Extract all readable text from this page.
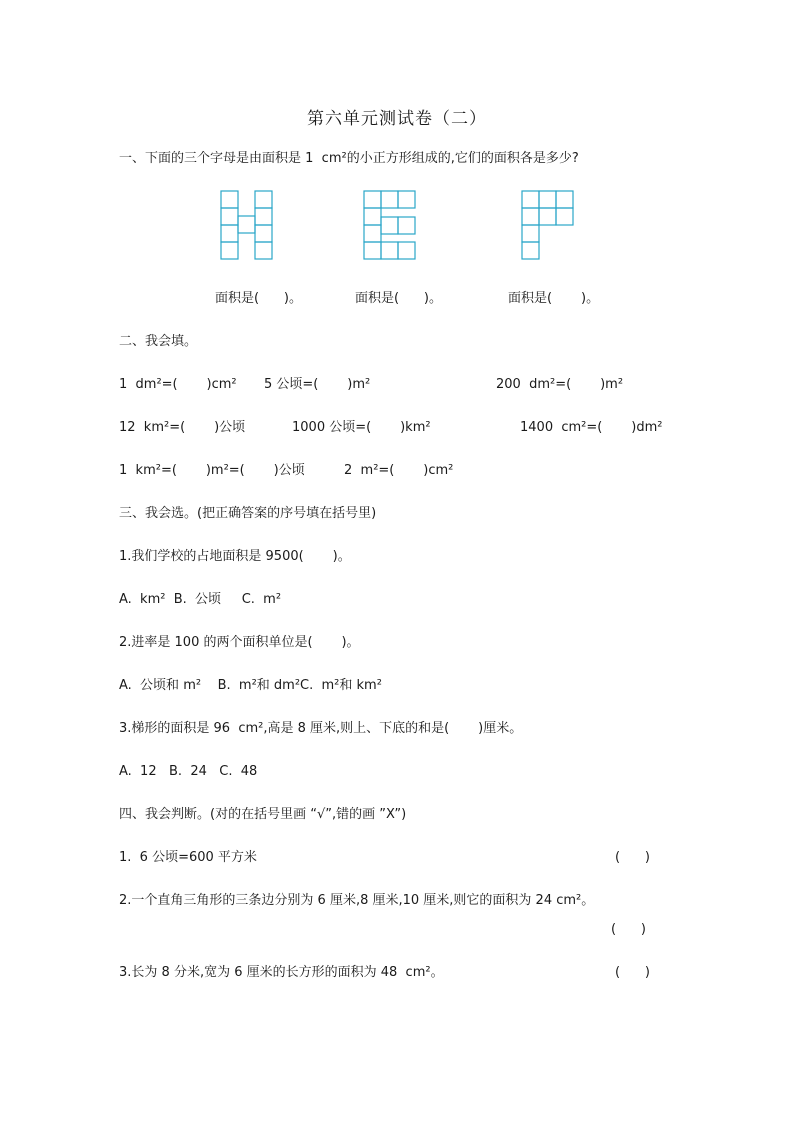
第六单元测试卷（二）
一、下面的三个字母是由面积是 1  cm²的小正方形组成的,它们的面积各是多少?
面积是(      )。	面积是(      )。	面积是(       )。
二、我会填。
1  dm²=(       )cm² 5 公顷=(       )m²	200  dm²=(       )m²
12  km²=(       )公顷	1000 公顷=(       )km²	1400  cm²=(       )dm²
1  km²=(       )m²=(       )公顷	2  m²=(       )cm²
三、我会选。(把正确答案的序号填在括号里)
1.我们学校的占地面积是 9500(       )。
A.  km²  B.  公顷     C.  m²
2.进率是 100 的两个面积单位是(       )。
A.  公顷和 m²    B.  m²和 dm²C.  m²和 km²
3.梯形的面积是 96  cm²,高是 8 厘米,则上、下底的和是(       )厘米。
A.  12   B.  24   C.  48
四、我会判断。(对的在括号里画 “√”,错的画 ”X”)
1.  6 公顷=600 平方米	(      )
2.一个直角三角形的三条边分别为 6 厘米,8 厘米,10 厘米,则它的面积为 24 cm²。
(      )
3.长为 8 分米,宽为 6 厘米的长方形的面积为 48  cm²。	(      )
